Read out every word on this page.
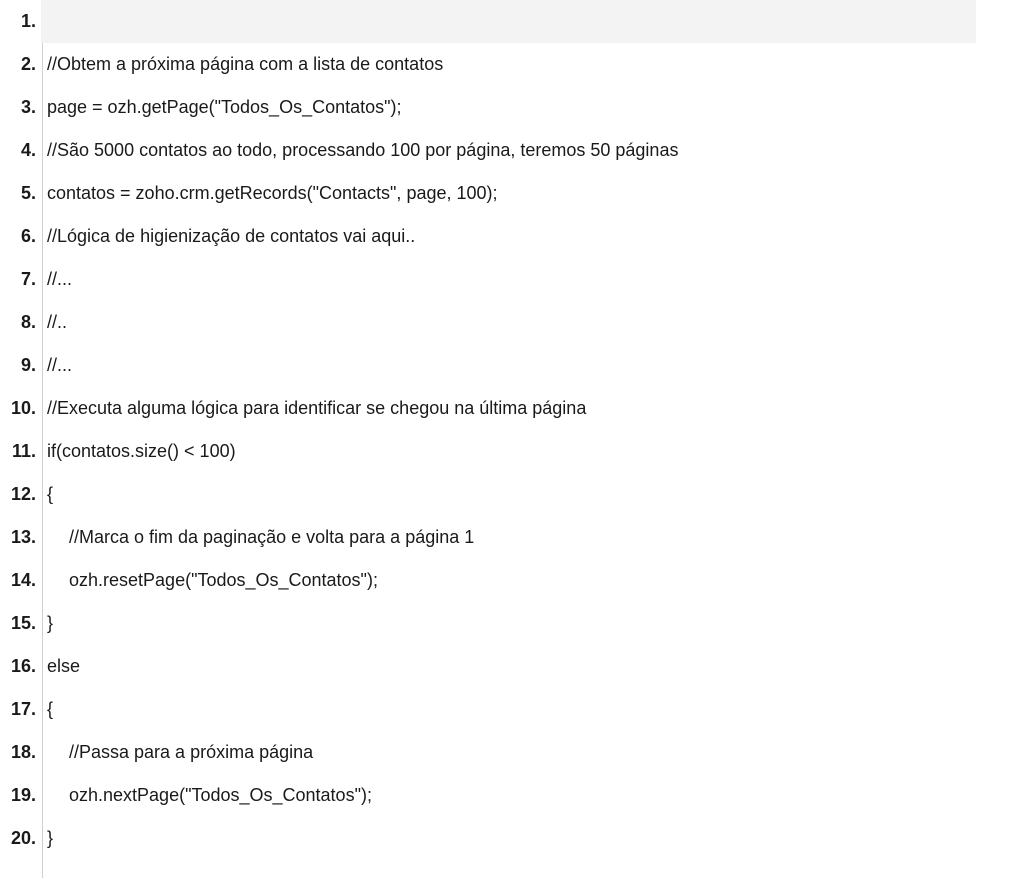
1.
2. //Obtem a próxima página com a lista de contatos
3. page = ozh.getPage("Todos_Os_Contatos");
4. //São 5000 contatos ao todo, processando 100 por página, teremos 50 páginas
5. contatos = zoho.crm.getRecords("Contacts", page, 100);
6. //Lógica de higienização de contatos vai aqui..
7. //...
8. //..
9. //...
10. //Executa alguma lógica para identificar se chegou na última página
11. if(contatos.size() < 100)
12. {
13.	//Marca o fim da paginação e volta para a página 1
14.	ozh.resetPage("Todos_Os_Contatos");
15. }
16. else
17. {
18.	//Passa para a próxima página
19.	ozh.nextPage("Todos_Os_Contatos");
20. }
